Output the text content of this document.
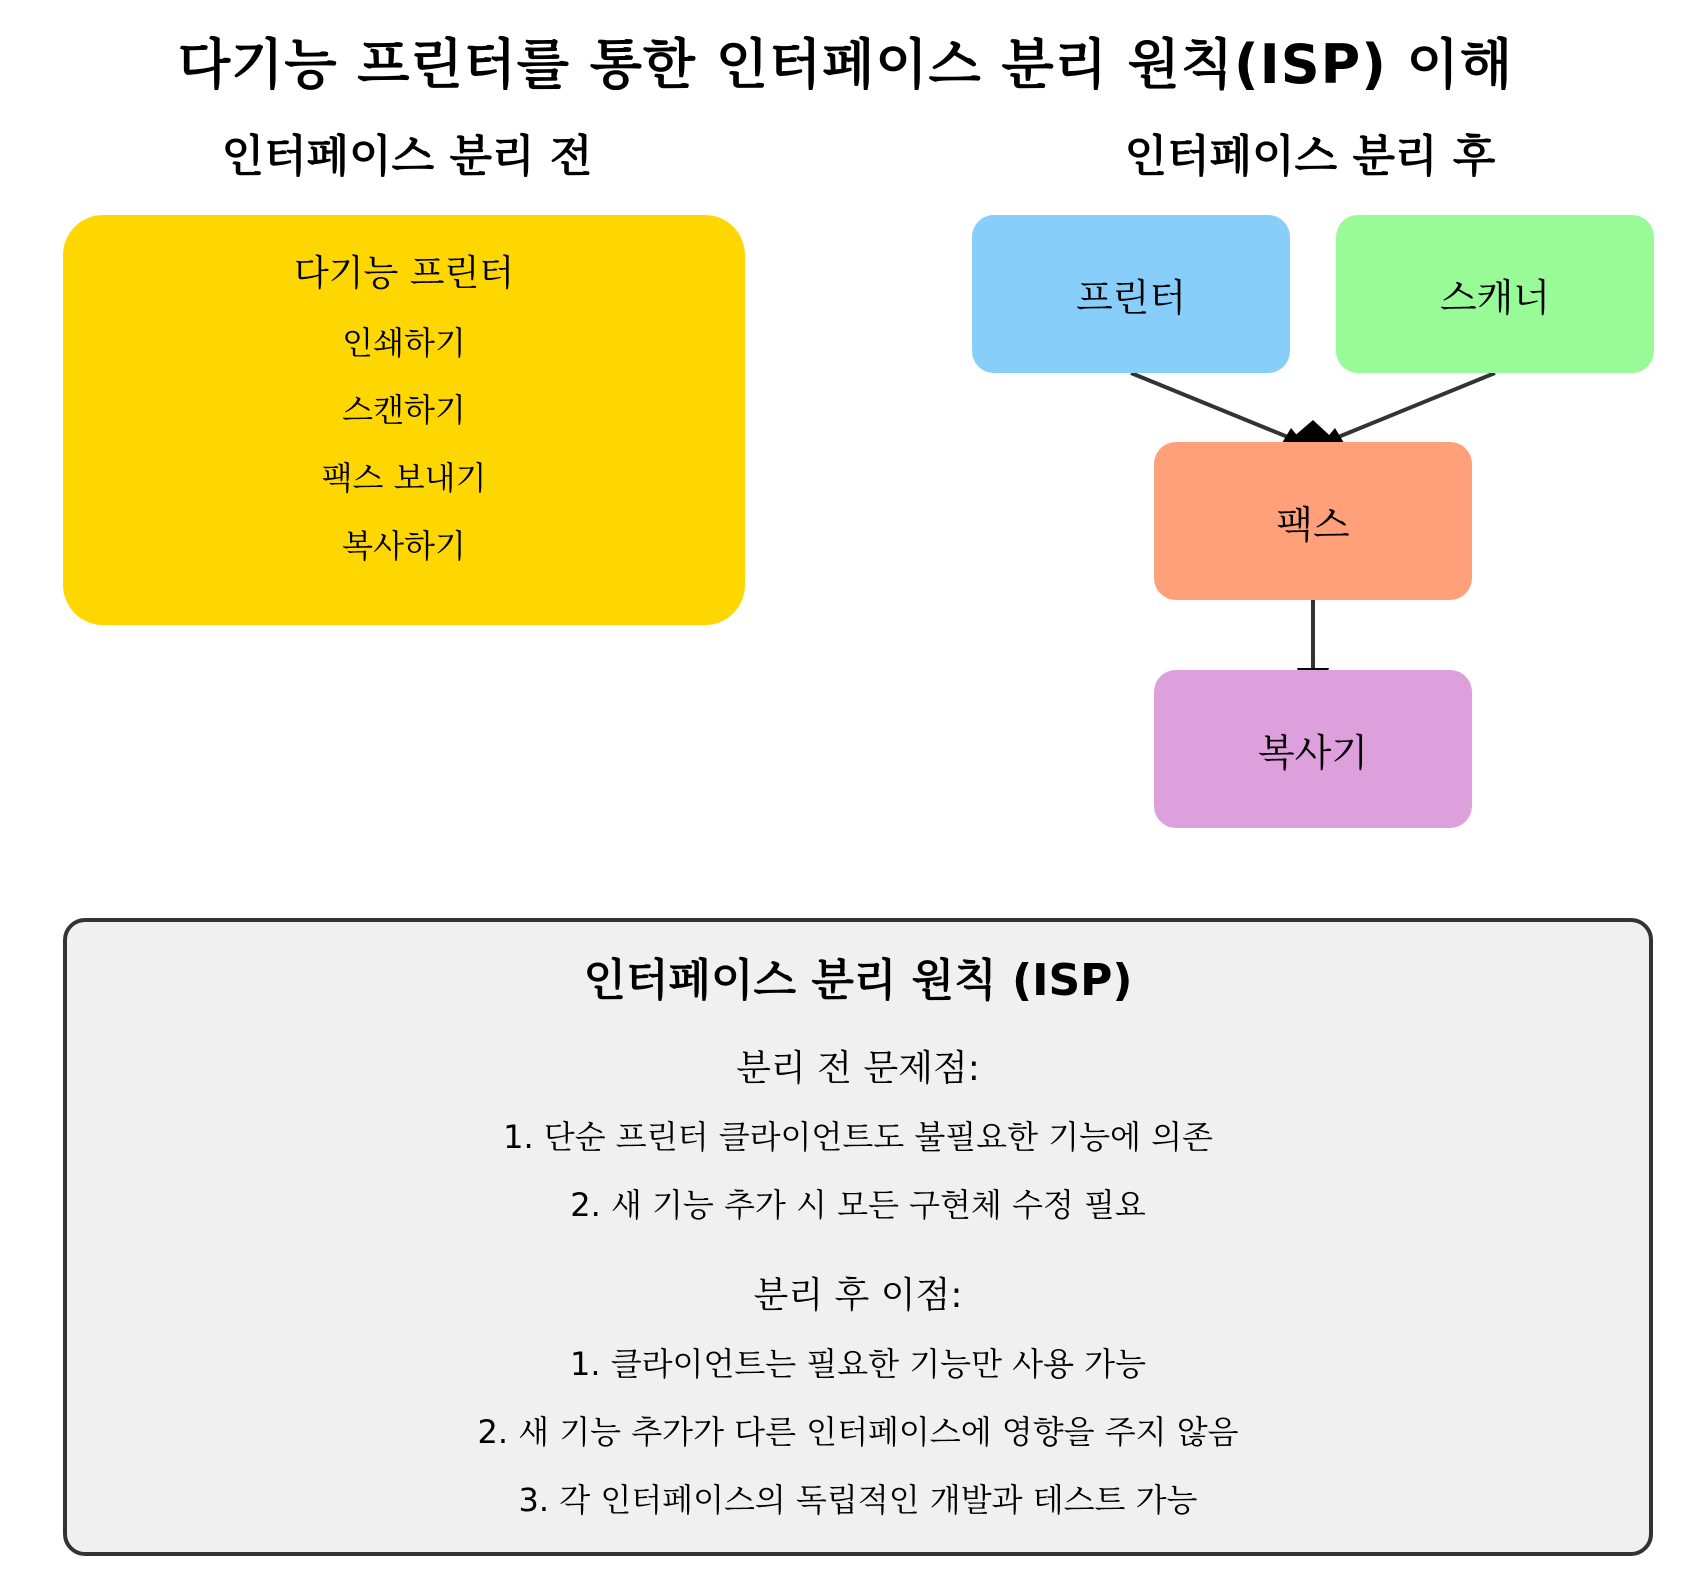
다기능 프린터를 통한 인터페이스 분리 원칙(ISP) 이해
인터페이스 분리 전	인터페이스 분리 후
다기능 프린터
인쇄하기
스캔하기
팩스 보내기
복사하기
프린터	스캐너
팩스
복사기
인터페이스 분리 원칙 (ISP)
분리 전 문제점:
1. 단순 프린터 클라이언트도 불필요한 기능에 의존
2. 새 기능 추가 시 모든 구현체 수정 필요
분리 후 이점:
1. 클라이언트는 필요한 기능만 사용 가능
2. 새 기능 추가가 다른 인터페이스에 영향을 주지 않음
3. 각 인터페이스의 독립적인 개발과 테스트 가능
